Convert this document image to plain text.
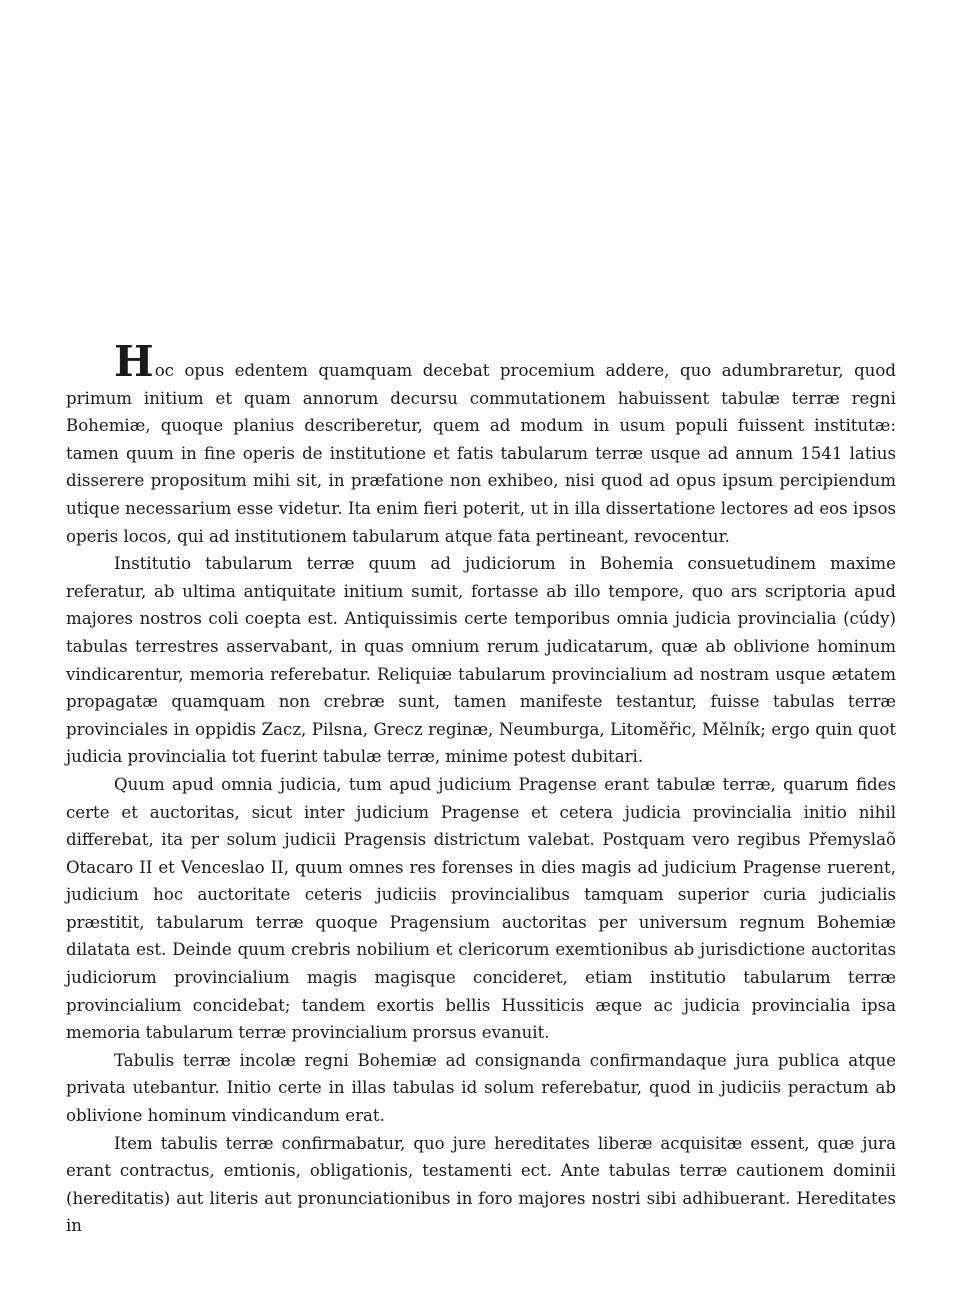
Hoc opus edentem quamquam decebat procemium addere, quo adumbraretur, quod primum initium et quam annorum decursu commutationem habuissent tabulæ terræ regni Bohemiæ, quoque planius describeretur, quem ad modum in usum populi fuissent institutæ: tamen quum in fine operis de institutione et fatis tabularum terræ usque ad annum 1541 latius disserere propositum mihi sit, in præfatione non exhibeo, nisi quod ad opus ipsum percipiendum utique necessarium esse videtur. Ita enim fieri poterit, ut in illa dissertatione lectores ad eos ipsos operis locos, qui ad institutionem tabularum atque fata pertineant, revocentur.

Institutio tabularum terræ quum ad judiciorum in Bohemia consuetudinem maxime referatur, ab ultima antiquitate initium sumit, fortasse ab illo tempore, quo ars scriptoria apud majores nostros coli coepta est. Antiquissimis certe temporibus omnia judicia provincialia (cúdy) tabulas terrestres asservabant, in quas omnium rerum judicatarum, quæ ab oblivione hominum vindicarentur, memoria referebatur. Reliquiæ tabularum provincialium ad nostram usque ætatem propagatæ quamquam non crebræ sunt, tamen manifeste testantur, fuisse tabulas terræ provinciales in oppidis Zacz, Pilsna, Grecz reginæ, Neumburga, Litoměřic, Mělník; ergo quin quot judicia provincialia tot fuerint tabulæ terræ, minime potest dubitari.

Quum apud omnia judicia, tum apud judicium Pragense erant tabulæ terræ, quarum fides certe et auctoritas, sicut inter judicium Pragense et cetera judicia provincialia initio nihil differebat, ita per solum judicii Pragensis districtum valebat. Postquam vero regibus Přemyslaõ Otacaro II et Venceslao II, quum omnes res forenses in dies magis ad judicium Pragense ruerent, judicium hoc auctoritate ceteris judiciis provincialibus tamquam superior curia judicialis præstitit, tabularum terræ quoque Pragensium auctoritas per universum regnum Bohemiæ dilatata est. Deinde quum crebris nobilium et clericorum exemtionibus ab jurisdictione auctoritas judiciorum provincialium magis magisque concideret, etiam institutio tabularum terræ provincialium concidebat; tandem exortis bellis Hussiticis æque ac judicia provincialia ipsa memoria tabularum terræ provincialium prorsus evanuit.

Tabulis terræ incolæ regni Bohemiæ ad consignanda confirmandaque jura publica atque privata utebantur. Initio certe in illas tabulas id solum referebatur, quod in judiciis peractum ab oblivione hominum vindicandum erat.

Item tabulis terræ confirmabatur, quo jure hereditates liberæ acquisitæ essent, quæ jura erant contractus, emtionis, obligationis, testamenti ect. Ante tabulas terræ cautionem dominii (hereditatis) aut literis aut pronunciationibus in foro majores nostri sibi adhibuerant. Hereditates in
